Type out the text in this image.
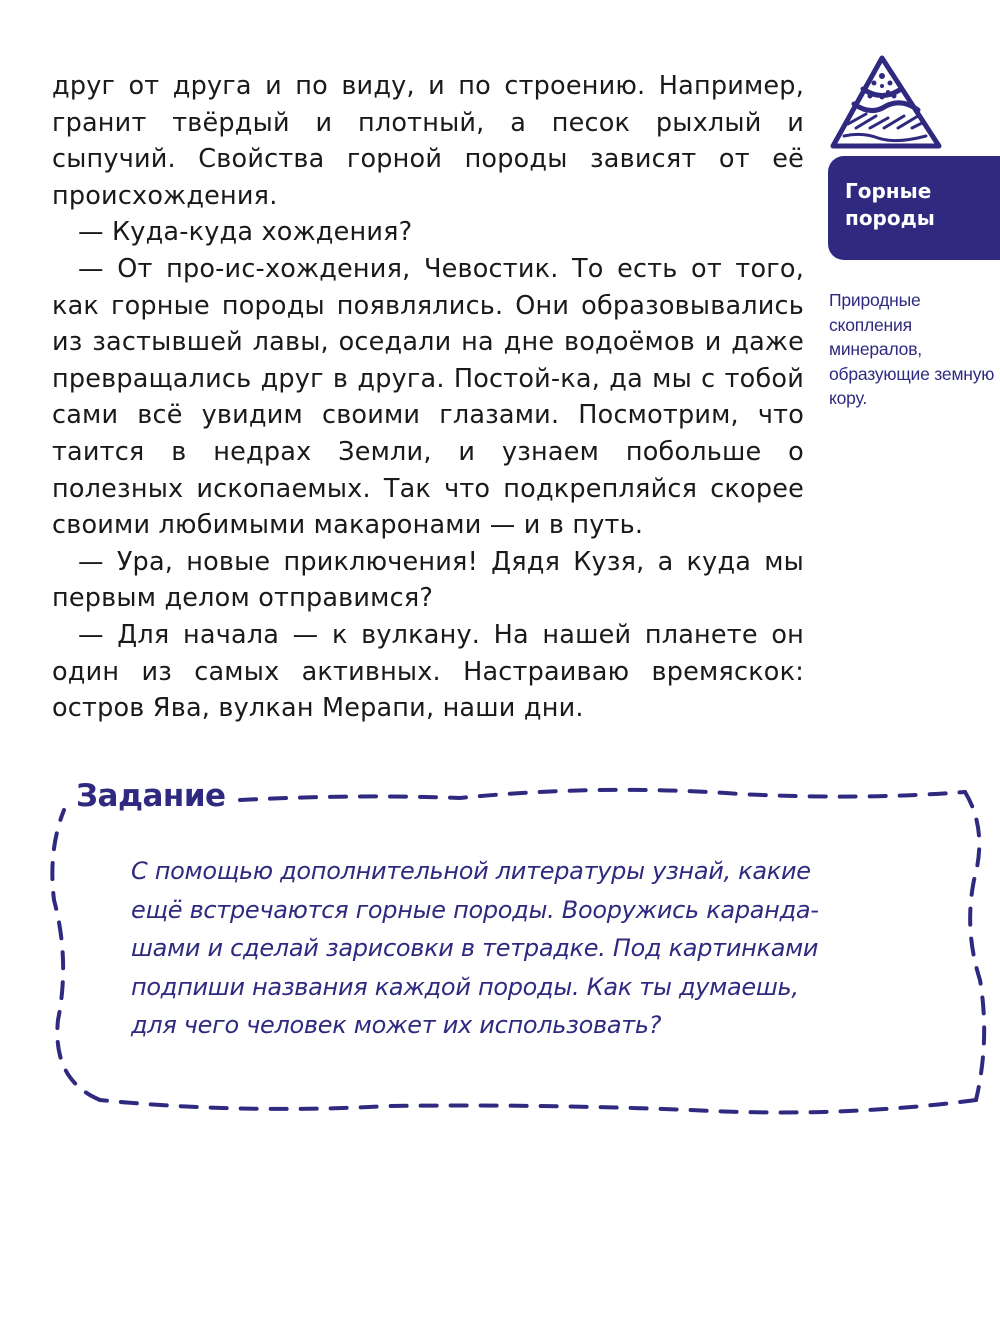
друг от друга и по виду, и по строению. Например, гранит твёрдый и плотный, а песок рыхлый и сыпучий. Свойства горной породы зависят от её происхождения.

— Куда-куда хождения?

— От про-ис-хождения, Чевостик. То есть от того, как горные породы появлялись. Они образовывались из застывшей лавы, оседали на дне водоёмов и даже превращались друг в друга. Постой-ка, да мы с тобой сами всё увидим своими глазами. Посмотрим, что таится в недрах Земли, и узнаем побольше о полезных ископаемых. Так что подкрепляйся скорее своими любимыми макаронами — и в путь.

— Ура, новые приключения! Дядя Кузя, а куда мы первым делом отправимся?

— Для начала — к вулкану. На нашей планете он один из самых активных. Настраиваю времяскок: остров Ява, вулкан Мерапи, наши дни.

Горные породы
Природные скопления минералов, образующие земную кору.
Задание
С помощью дополнительной литературы узнай, какие
ещё встречаются горные породы. Вооружись каранда-
шами и сделай зарисовки в тетрадке. Под картинками
подпиши названия каждой породы. Как ты думаешь,
для чего человек может их использовать?
